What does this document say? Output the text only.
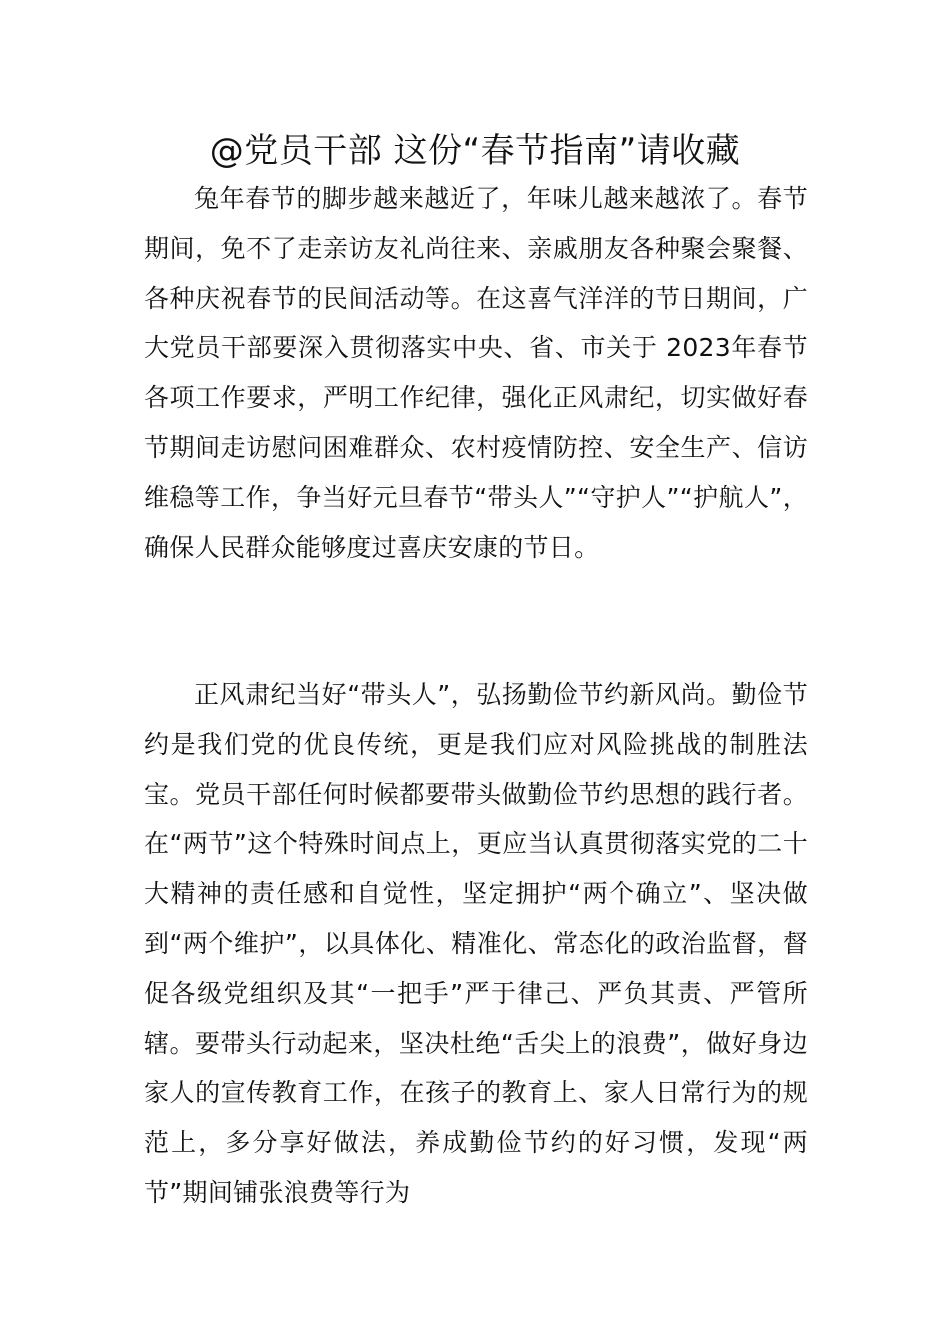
@党员干部 这份“春节指南”请收藏

兔年春节的脚步越来越近了，年味儿越来越浓了。春节期间，免不了走亲访友礼尚往来、亲戚朋友各种聚会聚餐、各种庆祝春节的民间活动等。在这喜气洋洋的节日期间，广大党员干部要深入贯彻落实中央、省、市关于 2023年春节各项工作要求，严明工作纪律，强化正风肃纪，切实做好春节期间走访慰问困难群众、农村疫情防控、安全生产、信访维稳等工作，争当好元旦春节“带头人”“守护人”“护航人”，确保人民群众能够度过喜庆安康的节日。

正风肃纪当好“带头人”，弘扬勤俭节约新风尚。勤俭节约是我们党的优良传统，更是我们应对风险挑战的制胜法宝。党员干部任何时候都要带头做勤俭节约思想的践行者。在“两节”这个特殊时间点上，更应当认真贯彻落实党的二十大精神的责任感和自觉性，坚定拥护“两个确立”、坚决做到“两个维护”，以具体化、精准化、常态化的政治监督，督促各级党组织及其“一把手”严于律己、严负其责、严管所辖。要带头行动起来，坚决杜绝“舌尖上的浪费”，做好身边家人的宣传教育工作，在孩子的教育上、家人日常行为的规范上，多分享好做法，养成勤俭节约的好习惯，发现“两节”期间铺张浪费等行为
